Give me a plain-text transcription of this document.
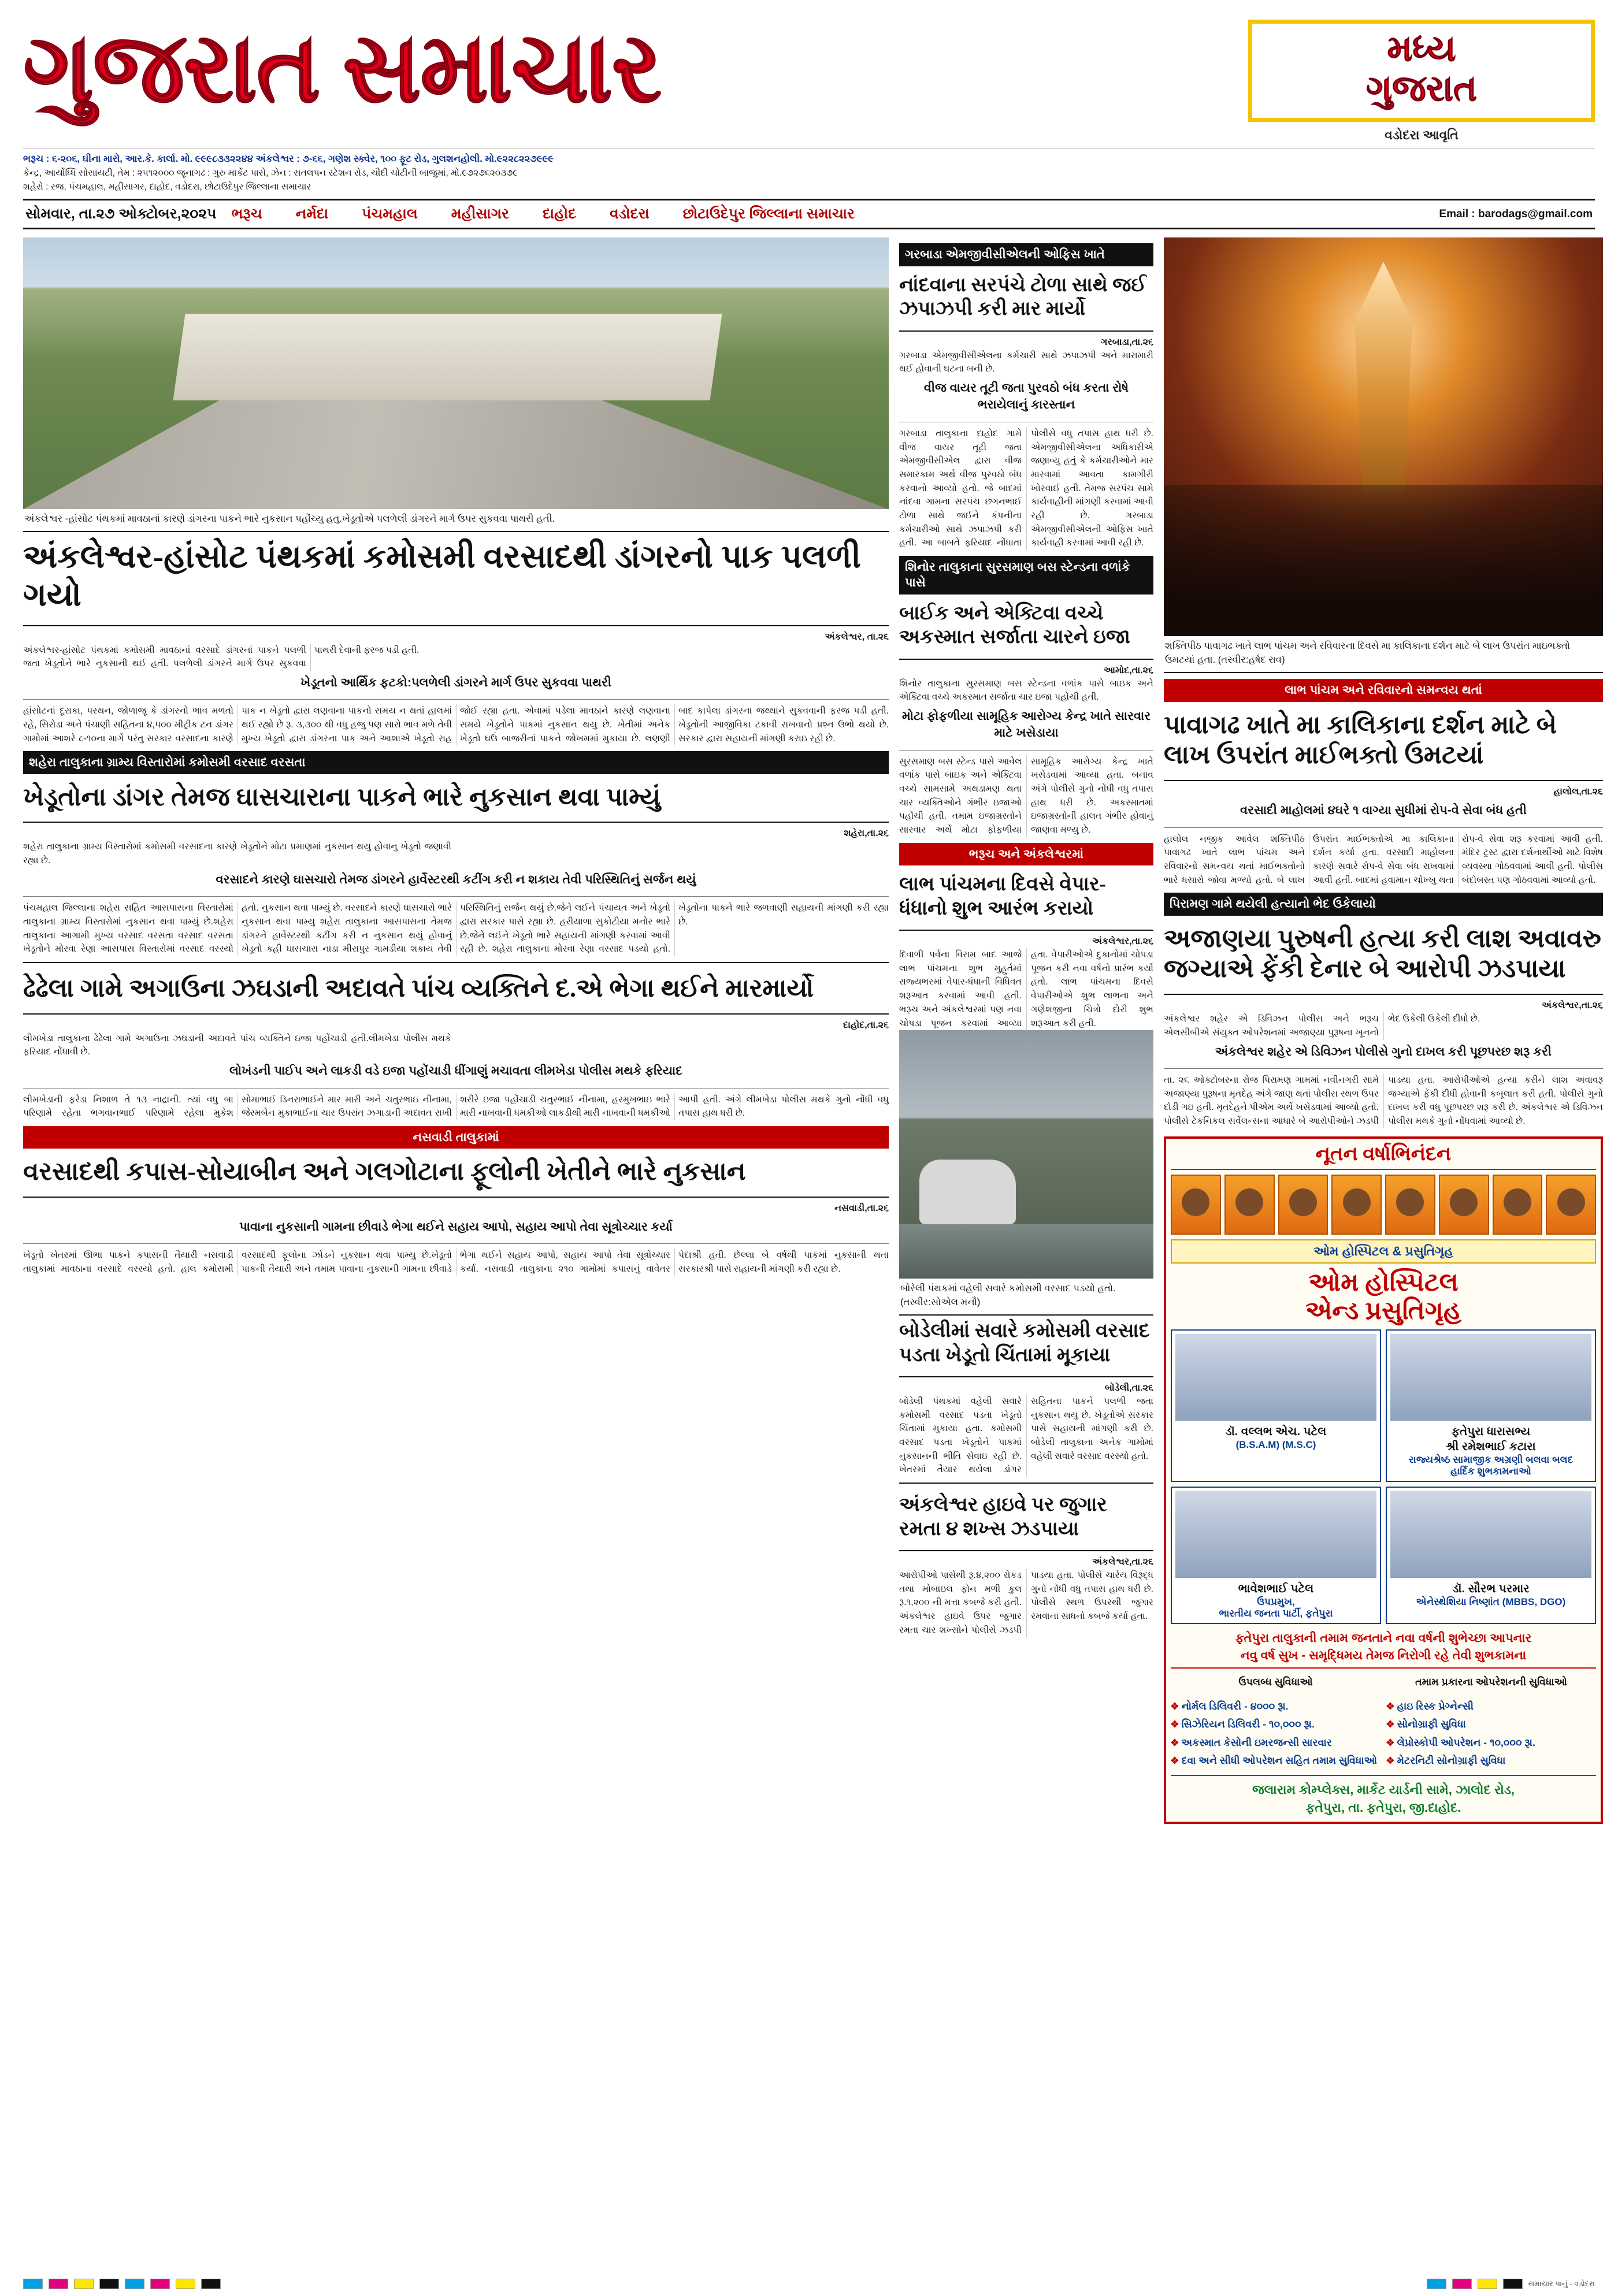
ગુજરાત સમાચાર	મધ્ય
ગુજરાત
વડોદરા આવૃતિ
ભરૂચ : ૬-૨૦૬, ઘીના મારો, આર.કે. કાર્લા. મો. ૯૯૯૮૩૩૨૨૪૪ અંકલેશ્વર : ૭-૬૬, ગણેશ સ્ક્વેર, ૧૦૦ ફૂટ રોડ, ગુલશનહોલી. મો.૯૨૨૮૨૨૭૯૯૯
કેન્દ્ર, આર્યોધ્ધિ સોસાયટી, તેમ : ૨૫૧૨૦૦૦ જૂનાગઢ : ગુરુ માર્કેટ પાસે, ઝેન : સતલપન સ્ટેશન રોડ, ચૌદી ચોટીની બાજુમાં, મો.૯૭૨૭૬૨૦૩૭૯
શહેરો : રજ, પંચમહાલ, મહીસાગર, દાહોદ, વડોદરા, છોટાઉદેપુર જિલ્લાના સમાચાર
સોમવાર, તા.૨૭ ઓક્ટોબર,૨૦૨૫ ભરૂચ નર્મદા પંચમહાલ મહીસાગર દાહોદ વડોદરા છોટાઉદેપુર જિલ્લાના સમાચાર	Email : barodags@gmail.com
અંકલેશ્વર -હાંસોટ પંથકમાં માવઠાનાં કારણે ડાંગરના પાકને ભારે નુકસાન પહોંચ્યુ હતુ.ખેડૂતોએ પલળેલી ડાંગરને માર્ગ ઉપર સુકવવા પાથરી હતી.
અંકલેશ્વર-હાંસોટ પંથકમાં કમોસમી વરસાદથી ડાંગરનો પાક પલળી ગયો
અંકલેશ્વર, તા.૨૬
અંકલેશ્વર-હાંસોટ પંથકમાં કમોસમી માવઠાનાં વરસાદે ડાંગરનાં પાકને પલળી જતા ખેડૂતોને ભારે નુકસાની થઈ હતી. પલળેલી ડાંગરને માર્ગ ઉપર સુકવવા પાથરી દેવાની ફરજ પડી હતી.
ખેડૂતનો આર્થિક ફટકો:પલળેલી ડાંગરને માર્ગ ઉપર સુકવવા પાથરી
હાંસોટનાં દૂરાકા, પરથન, જોળાજૂ કે ડાંગરનો ભાવ મળતો રહે, સિરોડા અને પંચાણી સહિતના ૪,૫૦૦ મીટ્રીક ટન ડાંગર ગામોમાં આશરે ૮-૧૦ના માર્ગે પરંતુ સરકાર વરસાદના કારણે પાક ન ખેડૂતો દ્વારા લણવાના પાકનો સમય ન થતાં હાલમાં થઈ રહ્યો છે રૂ. ૩,૩૦૦ થી વધુ હજુ પણ સારો ભાવ મળે તેવી મુખ્ય ખેડૂતો દ્વારા ડાંગરના પાક અને આશાએ ખેડૂતો રાહ જોઈ રહ્યા હતા. એવામાં પડેલા માવઠાને કારણે લણવાના સમયે ખેડૂતોને પાકમાં નુકસાન થયુ છે. ખેતીમાં અનેક ખેડૂતો ઘઉં બાજરીનાં પાકને જોખમમાં મુકાયા છે. લણણી બાદ કાપેલા ડાંગરના જથ્થાને સુકવવાની ફરજ પડી હતી. ખેડૂતોની આજીવિકા ટકાવી રાખવાનો પ્રશ્ન ઉભો થયો છે. સરકાર દ્વારા સહાયની માંગણી કરાઇ રહી છે.
શહેરા તાલુકાના ગ્રામ્ય વિસ્તારોમાં કમોસમી વરસાદ વરસતા
ખેડૂતોના ડાંગર તેમજ ઘાસચારાના પાકને ભારે નુકસાન થવા પામ્યું
શહેરા,તા.૨૬
શહેરા તાલુકાના ગ્રામ્ય વિસ્તારોમાં કમોસમી વરસાદના કારણે ખેડૂતોને મોટા પ્રમાણમાં નુકસાન થયુ હોવાનુ ખેડૂતો જણાવી રહ્યા છે.
વરસાદને કારણે ઘાસચારો તેમજ ડાંગરને હાર્વેસ્ટરથી કટીંગ કરી ન શકાય તેવી પરિસ્થિતિનું સર્જન થયું
પંચમહાલ જિલ્લાના શહેરા સહિત આસપાસના વિસ્તારોમાં તાલુકાના ગ્રામ્ય વિસ્તારોમાં નુકસાન થવા પામ્યું છે.શહેરા તાલુકાના આગામી મુખ્ય વરસાદ વરસતા વરસાદ વરસતા ખેડૂતોને મોરવા રેણા આસપાસ વિસ્તારોમાં વરસાદ વરસ્યો હતો. નુકસાન થવા પામ્યું છે. વરસાદને કારણે ઘાસચારો ભારે નુકસાન થવા પામ્યુ શહેરા તાલુકાના આસપાસના તેમજ ડાંગરને હાર્વેસ્ટરથી કટીંગ કરી ન નુકસાન થયું હોવાનું ખેડૂતો કહી ઘાસચારા નાડા મીરાપુર ગામડીયા શકાય તેવી પરિસ્થિતિનું સર્જન થયું છે.જેને લઈને પંચાયત અને ખેડૂતો દ્વારા સરકાર પાસે રહ્યા છે. હરીયાળા સુકોટીયા મનોર ભારે છે.જેને લઈને ખેડૂતો ભારે સહાયની માંગણી કરવામાં આવી રહી છે. શહેરા તાલુકાના મોરવા રેણા વરસાદ પડયો હતો. ખેડૂતોના પાકને ભારે જળવાણી સહાયની માંગણી કરી રહ્યા છે.
ઢેઢેલા ગામે અગાઉના ઝઘડાની અદાવતે પાંચ વ્યક્તિને દ.એ ભેગા થઈને મારમાર્યો
દાહોદ,તા.૨૬
લીમખેડા તાલુકાના ઢેઢેલા ગામે અગાઉના ઝઘડાની અદાવતે પાંચ વ્યક્તિને ઇજા પહોંચાડી હતી.લીમખેડા પોલીસ મથકે ફરિયાદ નોંધાવી છે.
લોખંડની પાઈપ અને લાકડી વડે ઇજા પહોંચાડી ધીંગાણું મચાવતા લીમખેડા પોલીસ મથકે ફરિયાદ
લીમખેડાની ફરેડા નિશાળ તે ૧૩ નાદ્રાની. ત્યાં વધુ બા પરિણામે રહેતા ભગવાનભાઈ પરિણામે રહેલા મુકેશ સોમાભાઈ ડિનરાભાઈને માર મારી અને ચતુરભાઇ નીનામા, જેસ્મબેન મુકાભાઈના ચાર ઉપરાંત ઝગાડાની અદાવત રાખી શરીરે ઇજા પહોંચાડી ચતુરભાઈ નીનામા, હરમુખભાઇ ભારે મારી નાખવાની ધમકીઓ લાકડીથી મારી નાખવાની ધમકીઓ આપી હતી. અંગે લીમખેડા પોલીસ મથકે ગુનો નોંધી વધુ તપાસ હાથ ધરી છે.
નસવાડી તાલુકામાં
વરસાદથી કપાસ-સોયાબીન અને ગલગોટાના ફૂલોની ખેતીને ભારે નુકસાન
નસવાડી,તા.૨૬
પાવાના નુકસાની ગામના છીવાડે ભેગા થઈને સહાય આપો, સહાય આપો તેવા સૂત્રોચ્ચાર કર્યા
ખેડૂતો ખેતરમાં ઊભા પાકને કપાસની તૈયારી નસવાડી તાલુકામાં માવઠાના વરસાદે વરસ્યો હતો. હાલ કમોસમી વરસાદથી ફૂલોના ઝોડને નુકસાન થવા પામ્યુ છે.ખેડૂતો પાકની તૈયારી અને તમામ પાવાના નુકસાની ગામના છીવાડે ભેગા થઈને સહાય આપો, સહાય આપો તેવા સૂત્રોચ્ચાર કર્યા. નસવાડી તાલુકાના ૨૧૦ ગામોમાં કપાસનું વાવેતર પેદાશ્રી હતી. છેલ્લા બે વર્ષથી પાકમાં નુકસાની થતા સરકારશ્રી પાસે સહાયની માંગણી કરી રહ્યા છે.
ગરબાડા એમજીવીસીએલની ઓફિસ ખાતે
નાંદવાના સરપંચે ટોળા સાથે જઈ ઝપાઝપી કરી માર માર્યો
ગરબાડા,તા.૨૬
ગરબાડા એમજીવીસીએલના કર્મચારી સાથે ઝપાઝપી અને મારામારી થઈ હોવાની ઘટના બની છે.
વીજ વાયર તૂટી જતા પુરવઠો બંધ કરતા રોષે ભરાયેલાનું કારસ્તાન
ગરબાડા તાલુકાના દાહોદ ગામે વીજ વાયર તૂટી જતા એમજીવીસીએલ દ્વારા વીજ સમારકામ અર્થે વીજ પુરવઠો બંધ કરવાનો આવ્યો હતો. જે બાદમાં નાંદવા ગામના સરપંચ છગનભાઈ ટોળા સાથે જઈને કંપનીના કર્મચારીઓ સાથે ઝપાઝપી કરી હતી. આ બાબતે ફરિયાદ નોંધાતા પોલીસે વધુ તપાસ હાથ ધરી છે. એમજીવીસીએલના અધિકારીએ જણાવ્યુ હતું કે કર્મચારીઓને માર મારવામાં આવતા કામગીરી ખોરવાઈ હતી. તેમજ સરપંચ સામે કાર્યવાહીની માંગણી કરવામાં આવી રહી છે. ગરબાડા એમજીવીસીએલની ઓફિસ ખાતે કાર્યવાહી કરવામાં આવી રહી છે.
શિનોર તાલુકાના સુરસમાણ બસ સ્ટેન્ડના વળાંકે પાસે
બાઈક અને એક્ટિવા વચ્ચે અકસ્માત સર્જાતા ચારને ઇજા
આમોદ,તા.૨૬
શિનોર તાલુકાના સુરસમાણ બસ સ્ટેન્ડના વળાંક પાસે બાઇક અને એક્ટિવા વચ્ચે અકસ્માત સર્જાતા ચાર ઇજા પહોંચી હતી.
મોટા ફોફળીયા સામૂહિક આરોગ્ય કેન્દ્ર ખાતે સારવાર માટે ખસેડાયા
સુરસમાણ બસ સ્ટેન્ડ પાસે આવેલ વળાંક પાસે બાઇક અને એક્ટિવા વચ્ચે સામસામે અથડામણ થતા ચાર વ્યક્તિઓને ગંભીર ઇજાઓ પહોંચી હતી. તમામ ઇજાગ્રસ્તોને સારવાર અર્થે મોટા ફોફળીયા સામૂહિક આરોગ્ય કેન્દ્ર ખાતે ખસેડવામાં આવ્યા હતા. બનાવ અંગે પોલીસે ગુનો નોંધી વધુ તપાસ હાથ ધરી છે. અકસ્માતમાં ઇજાગ્રસ્તોની હાલત ગંભીર હોવાનું જાણવા મળ્યુ છે.
ભરૂચ અને અંકલેશ્વરમાં
લાભ પાંચમના દિવસે વેપાર-ધંધાનો શુભ આરંભ કરાયો
અંકલેશ્વર,તા.૨૬
દિવાળી પર્વના વિરામ બાદ આજે લાભ પાંચમના શુભ મુહુર્તમાં રાજ્યભરમાં વેપાર-ધંધાની વિધિવત શરૂઆત કરવામાં આવી હતી. ભરૂચ અને અંકલેશ્વરમાં પણ નવા ચોપડા પૂજન કરવામાં આવ્યા હતા. વેપારીઓએ દુકાનોમાં ચોપડા પૂજન કરી નવા વર્ષનો પ્રારંભ કર્યો હતો. લાભ પાંચમના દિવસે વેપારીઓએ શુભ લાભના અને ગણેશજીના ચિત્રો દોરી શુભ શરૂઆત કરી હતી.
બોરેલી પંથકમાં વહેલી સવારે કમોસમી વરસાદ પડયો હતો. (તસ્વીર:સોએલ મનૌ)
બોડેલીમાં સવારે કમોસમી વરસાદ પડતા ખેડૂતો ચિંતામાં મૂકાયા
બોડેલી,તા.૨૬
બોડેલી પંથકમાં વહેલી સવારે કમોસમી વરસાદ પડતા ખેડૂતો ચિંતામાં મુકાયા હતા. કમોસમી વરસાદ પડતા ખેડૂતોને પાકમાં નુકસાનની ભીતિ સેવાઇ રહી છે. ખેતરમાં તૈયાર થયેલા ડાંગર સહિતના પાકને પલળી જતા નુકસાન થયુ છે. ખેડૂતોએ સરકાર પાસે સહાયની માંગણી કરી છે. બોડેલી તાલુકાના અનેક ગામોમાં વહેલી સવારે વરસાદ વરસ્યો હતો.
અંકલેશ્વર હાઇવે પર જુગાર રમતા ૪ શખ્સ ઝડપાયા
અંકલેશ્વર,તા.૨૬
આરોપીઓ પાસેથી રૂ.૪,૨૦૦ રોકડ તથા મોબાઇલ ફોન મળી કુલ રૂ.૧,૨૦૦ ની મત્તા કબજે કરી હતી. અંકલેશ્વર હાઇવે ઉપર જુગાર રમતા ચાર શખ્સોને પોલીસે ઝડપી પાડયા હતા. પોલીસે ચારેય વિરૂદ્ધ ગુનો નોંધી વધુ તપાસ હાથ ધરી છે. પોલીસે સ્થળ ઉપરથી જુગાર રમવાના સાધનો કબજે કર્યા હતા.
શક્તિપીઠ પાવાગઢ ખાતે લાભ પાંચમ અને રવિવારના દિવસે મા કાલિકાના દર્શન માટે બે લાખ ઉપરાંત માઇભક્તો ઉમટયાં હતા. (તસ્વીર:હર્ષદ રાવ)
લાભ પાંચમ અને રવિવારનો સમન્વય થતાં
પાવાગઢ ખાતે મા કાલિકાના દર્શન માટે બે લાખ ઉપરાંત માઈભક્તો ઉમટયાં
હાલોલ,તા.૨૬
વરસાદી માહોલમાં ૪ઘરે ૧ વાગ્યા સુધીમાં રોપ-વે સેવા બંધ હતી
હાલોલ નજીક આવેલ શક્તિપીઠ પાવાગઢ ખાતે લાભ પાંચમ અને રવિવારનો સમન્વય થતાં માઈભક્તોનો ભારે ધસારો જોવા મળ્યો હતો. બે લાખ ઉપરાંત માઈભક્તોએ મા કાલિકાના દર્શન કર્યા હતા. વરસાદી માહોલના કારણે સવારે રોપ-વે સેવા બંધ રાખવામાં આવી હતી. બાદમાં હવામાન ચોખ્ખુ થતા રોપ-વે સેવા શરૂ કરવામાં આવી હતી. મંદિર ટ્રસ્ટ દ્વારા દર્શનાર્થીઓ માટે વિશેષ વ્યવસ્થા ગોઠવવામાં આવી હતી. પોલીસ બંદોબસ્ત પણ ગોઠવવામાં આવ્યો હતો.
પિરામણ ગામે થયેલી હત્યાનો ભેદ ઉકેલાયો
અજાણયા પુરુષની હત્યા કરી લાશ અવાવરુ જગ્યાએ ફેંકી દેનાર બે આરોપી ઝડપાયા
અંકલેશ્વર,તા.૨૬
અંકલેશ્વર શહેર એ ડિવિઝન પોલીસ અને ભરૂચ એલસીબીએ સંયુક્ત ઓપરેશનમાં અજાણ્યા પુરૂષના ખૂનનો ભેદ ઉકેલી ઉકેલી દીધો છે.
અંકલેશ્વર શહેર એ ડિવિઝન પોલીસે ગુનો દાખલ કરી પૂછપરછ શરૂ કરી
તા. ૨૬ ઓક્ટોબરના રોજ પિરામણ ગામમાં નવીનગરી સામે અજાણ્યા પુરૂષના મૃતદેહ અંગે જાણ થતાં પોલીસ સ્થળ ઉપર દોડી ગઇ હતી. મૃતદેહને પીએમ અર્થે ખસેડવામાં આવ્યો હતો. પોલીસે ટેકનિકલ સર્વેલન્સના આધારે બે આરોપીઓને ઝડપી પાડયા હતા. આરોપીઓએ હત્યા કરીને લાશ અવાવરૂ જગ્યાએ ફેંકી દીધી હોવાની કબૂલાત કરી હતી. પોલીસે ગુનો દાખલ કરી વધુ પૂછપરછ શરૂ કરી છે. અંકલેશ્વર એ ડિવિઝન પોલીસ મથકે ગુનો નોંધવામાં આવ્યો છે.
નૂતન વર્ષાભિનંદન
ઓમ હોસ્પિટલ & પ્રસુતિગૃહ
ઓમ હોસ્પિટલ
એન્ડ પ્રસુતિગૃહ
ડૉ. વલ્લભ એચ. પટેલ
(B.S.A.M) (M.S.C)
ફતેપુરા ધારાસભ્ય
શ્રી રમેશભાઈ કટારા
રાજ્યશ્રેષ્ઠ સામાજીક અગ્રણી બલવા બલદ
હાર્દિક શુભકામનાઓ
ભાવેશભાઈ પટેલ
ઉપપ્રમુખ,
ભારતીય જનતા પાર્ટી, ફતેપુરા
ડૉ. સૌરભ પરમાર
એનેસ્થેશિયા નિષ્ણાંત (MBBS, DGO)
ફતેપુરા તાલુકાની તમામ જનતાને નવા વર્ષની શુભેચ્છા આપનાર
નવુ વર્ષ સુખ - સમૃદ્ધિમય તેમજ નિરોગી રહે તેવી શુભકામના
ઉપલબ્ધ સુવિધાઓ	તમામ પ્રકારના ઓપરેશનની સુવિધાઓ
❖ નોર્મલ ડિલિવરી - ૪૦૦૦ રૂા.
❖ સિઝેરિયન ડિલિવરી - ૧૦,૦૦૦ રૂા.
❖ અકસ્માત કેસોની ઇમરજન્સી સારવાર
❖ દવા અને સીધી ઓપરેશન સહિત તમામ સુવિધાઓ
❖ હાઇ રિસ્ક પ્રેગ્નેન્સી
❖ સોનોગ્રાફી સુવિધા
❖ લેપ્રોસ્કોપી ઓપરેશન - ૧૦,૦૦૦ રૂા.
❖ મેટરનિટી સોનોગ્રાફી સુવિધા
જલારામ કોમ્પ્લેક્સ, માર્કેટ યાર્ડની સામે, ઝાલોદ રોડ,
ફતેપુરા, તા. ફતેપુરા, જી.દાહોદ.
સમાચાર પાનું - વડોદરા
